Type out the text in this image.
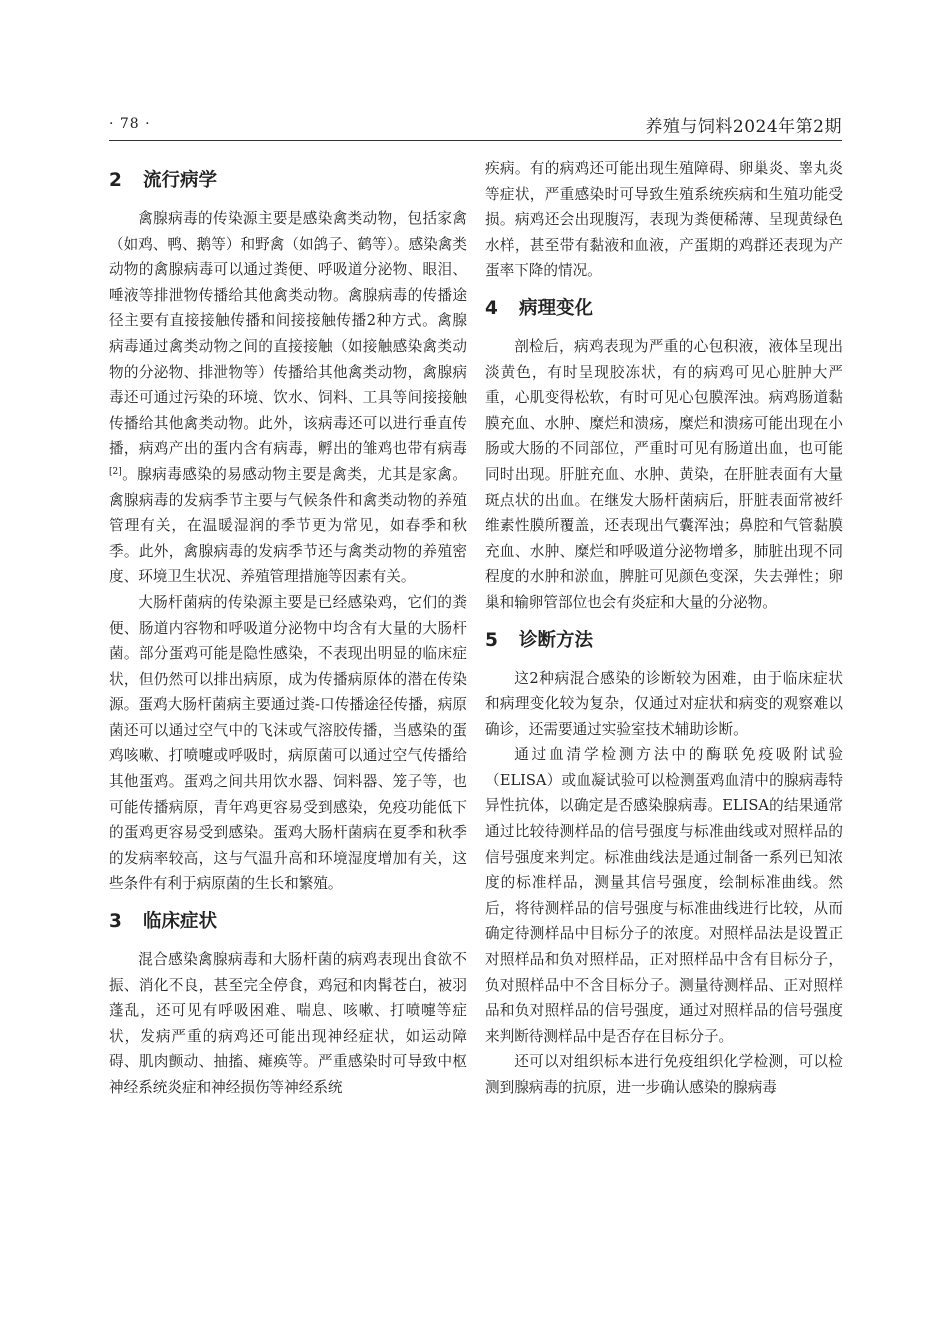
· 78 ·	养殖与饲料2024年第2期
2 流行病学

禽腺病毒的传染源主要是感染禽类动物，包括家禽（如鸡、鸭、鹅等）和野禽（如鸽子、鹤等）。感染禽类动物的禽腺病毒可以通过粪便、呼吸道分泌物、眼泪、唾液等排泄物传播给其他禽类动物。禽腺病毒的传播途径主要有直接接触传播和间接接触传播2种方式。禽腺病毒通过禽类动物之间的直接接触（如接触感染禽类动物的分泌物、排泄物等）传播给其他禽类动物，禽腺病毒还可通过污染的环境、饮水、饲料、工具等间接接触传播给其他禽类动物。此外，该病毒还可以进行垂直传播，病鸡产出的蛋内含有病毒，孵出的雏鸡也带有病毒[2]。腺病毒感染的易感动物主要是禽类，尤其是家禽。禽腺病毒的发病季节主要与气候条件和禽类动物的养殖管理有关，在温暖湿润的季节更为常见，如春季和秋季。此外，禽腺病毒的发病季节还与禽类动物的养殖密度、环境卫生状况、养殖管理措施等因素有关。

大肠杆菌病的传染源主要是已经感染鸡，它们的粪便、肠道内容物和呼吸道分泌物中均含有大量的大肠杆菌。部分蛋鸡可能是隐性感染，不表现出明显的临床症状，但仍然可以排出病原，成为传播病原体的潜在传染源。蛋鸡大肠杆菌病主要通过粪-口传播途径传播，病原菌还可以通过空气中的飞沫或气溶胶传播，当感染的蛋鸡咳嗽、打喷嚏或呼吸时，病原菌可以通过空气传播给其他蛋鸡。蛋鸡之间共用饮水器、饲料器、笼子等，也可能传播病原，青年鸡更容易受到感染，免疫功能低下的蛋鸡更容易受到感染。蛋鸡大肠杆菌病在夏季和秋季的发病率较高，这与气温升高和环境湿度增加有关，这些条件有利于病原菌的生长和繁殖。

3 临床症状

混合感染禽腺病毒和大肠杆菌的病鸡表现出食欲不振、消化不良，甚至完全停食，鸡冠和肉髯苍白，被羽蓬乱，还可见有呼吸困难、喘息、咳嗽、打喷嚏等症状，发病严重的病鸡还可能出现神经症状，如运动障碍、肌肉颤动、抽搐、瘫痪等。严重感染时可导致中枢神经系统炎症和神经损伤等神经系统

疾病。有的病鸡还可能出现生殖障碍、卵巢炎、睾丸炎等症状，严重感染时可导致生殖系统疾病和生殖功能受损。病鸡还会出现腹泻，表现为粪便稀薄、呈现黄绿色水样，甚至带有黏液和血液，产蛋期的鸡群还表现为产蛋率下降的情况。

4 病理变化

剖检后，病鸡表现为严重的心包积液，液体呈现出淡黄色，有时呈现胶冻状，有的病鸡可见心脏肿大严重，心肌变得松软，有时可见心包膜浑浊。病鸡肠道黏膜充血、水肿、糜烂和溃疡，糜烂和溃疡可能出现在小肠或大肠的不同部位，严重时可见有肠道出血，也可能同时出现。肝脏充血、水肿、黄染，在肝脏表面有大量斑点状的出血。在继发大肠杆菌病后，肝脏表面常被纤维素性膜所覆盖，还表现出气囊浑浊；鼻腔和气管黏膜充血、水肿、糜烂和呼吸道分泌物增多，肺脏出现不同程度的水肿和淤血，脾脏可见颜色变深，失去弹性；卵巢和输卵管部位也会有炎症和大量的分泌物。

5 诊断方法

这2种病混合感染的诊断较为困难，由于临床症状和病理变化较为复杂，仅通过对症状和病变的观察难以确诊，还需要通过实验室技术辅助诊断。

通过血清学检测方法中的酶联免疫吸附试验（ELISA）或血凝试验可以检测蛋鸡血清中的腺病毒特异性抗体，以确定是否感染腺病毒。ELISA的结果通常通过比较待测样品的信号强度与标准曲线或对照样品的信号强度来判定。标准曲线法是通过制备一系列已知浓度的标准样品，测量其信号强度，绘制标准曲线。然后，将待测样品的信号强度与标准曲线进行比较，从而确定待测样品中目标分子的浓度。对照样品法是设置正对照样品和负对照样品，正对照样品中含有目标分子，负对照样品中不含目标分子。测量待测样品、正对照样品和负对照样品的信号强度，通过对照样品的信号强度来判断待测样品中是否存在目标分子。

还可以对组织标本进行免疫组织化学检测，可以检测到腺病毒的抗原，进一步确认感染的腺病毒
